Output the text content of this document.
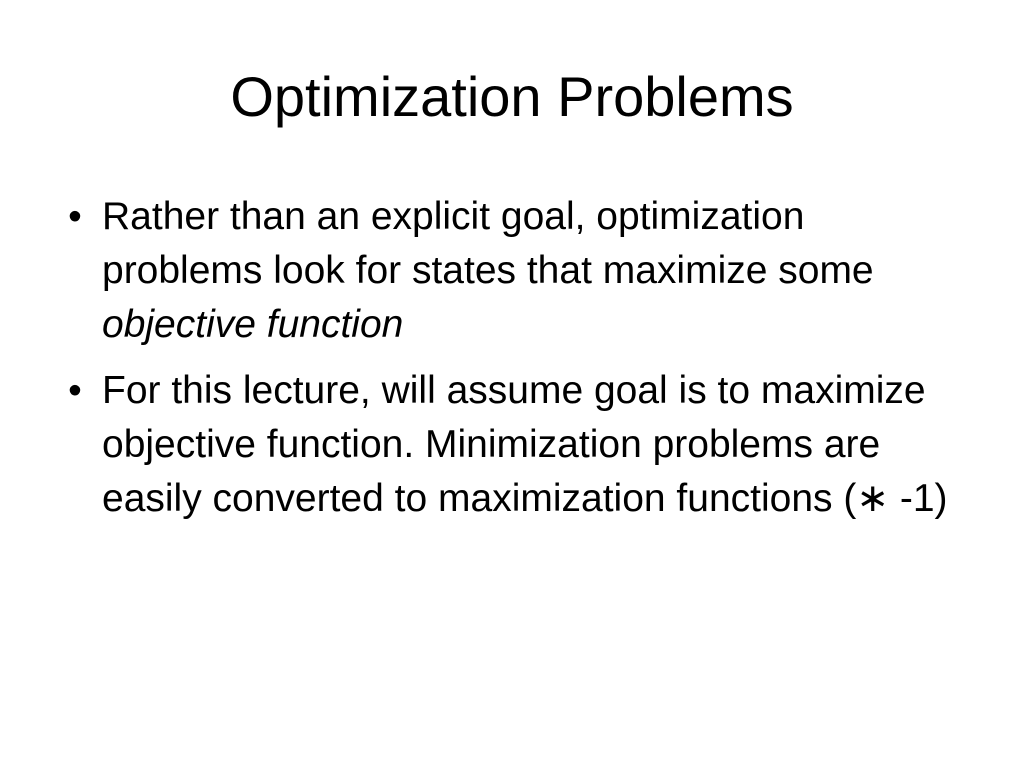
Optimization Problems
• Rather than an explicit goal, optimization problems look for states that maximize some objective function
• For this lecture, will assume goal is to maximize objective function. Minimization problems are easily converted to maximization functions (∗ -1)
